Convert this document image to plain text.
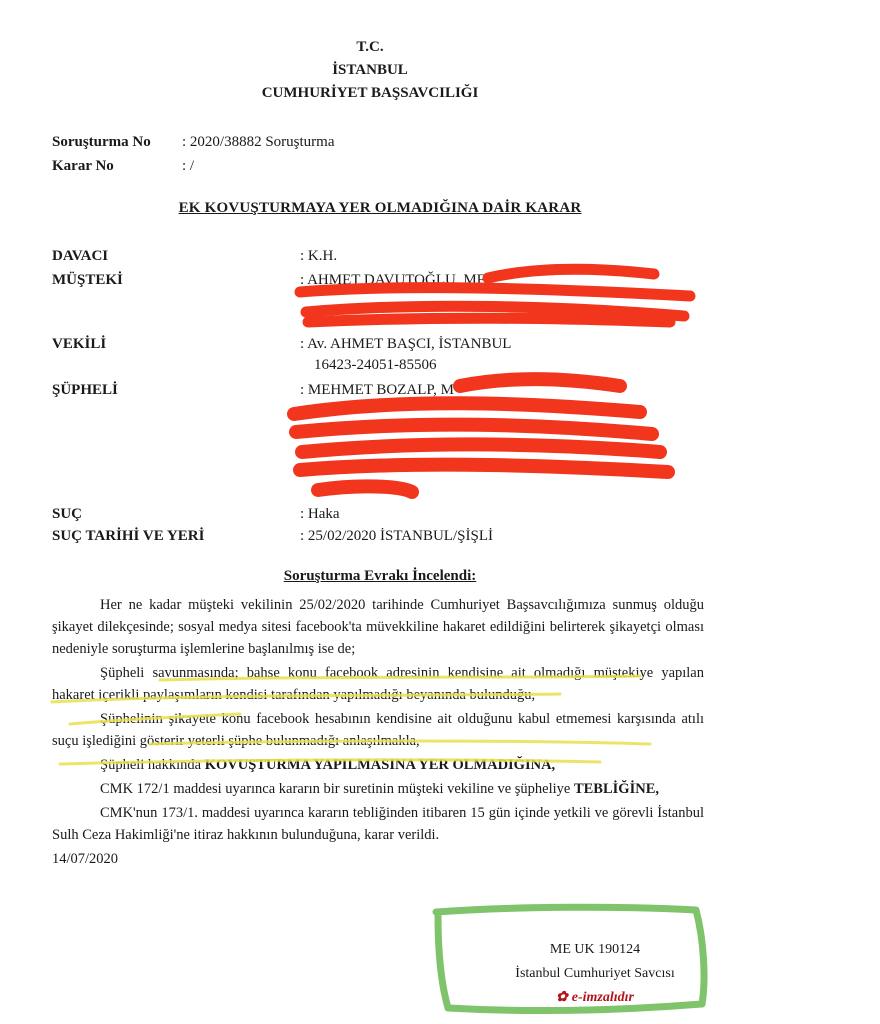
T.C.
İSTANBUL
CUMHURİYET BAŞSAVCILIĞI
Soruşturma No	: 2020/38882 Soruşturma
Karar No	: /
EK KOVUŞTURMAYA YER OLMADIĞINA DAİR KARAR
DAVACI	: K.H.
MÜŞTEKİ	: AHMET DAVUTOĞLU, ME
VEKİLİ	: Av. AHMET BAŞCI, İSTANBUL
16423-24051-85506
ŞÜPHELİ	: MEHMET BOZALP, M
SUÇ	: Haka
SUÇ TARİHİ VE YERİ	: 25/02/2020 İSTANBUL/ŞİŞLİ
Soruşturma Evrakı İncelendi:

Her ne kadar müşteki vekilinin 25/02/2020 tarihinde Cumhuriyet Başsavcılığımıza sunmuş olduğu şikayet dilekçesinde; sosyal medya sitesi facebook'ta müvekkiline hakaret edildiğini belirterek şikayetçi olması nedeniyle soruşturma işlemlerine başlanılmış ise de;

Şüpheli savunmasında; bahse konu facebook adresinin kendisine ait olmadığı müştekiye yapılan hakaret içerikli paylaşımların kendisi tarafından yapılmadığı beyanında bulunduğu,

Şüphelinin şikayete konu facebook hesabının kendisine ait olduğunu kabul etmemesi karşısında atılı suçu işlediğini gösterir yeterli şüphe bulunmadığı anlaşılmakla,

Şüpheli hakkında KOVUŞTURMA YAPILMASINA YER OLMADIĞINA,

CMK 172/1 maddesi uyarınca kararın bir suretinin müşteki vekiline ve şüpheliye TEBLİĞİNE,

CMK'nun 173/1. maddesi uyarınca kararın tebliğinden itibaren 15 gün içinde yetkili ve görevli İstanbul Sulh Ceza Hakimliği'ne itiraz hakkının bulunduğuna, karar verildi.

14/07/2020

ME UK 190124
İstanbul Cumhuriyet Savcısı
✿ e-imzalıdır
